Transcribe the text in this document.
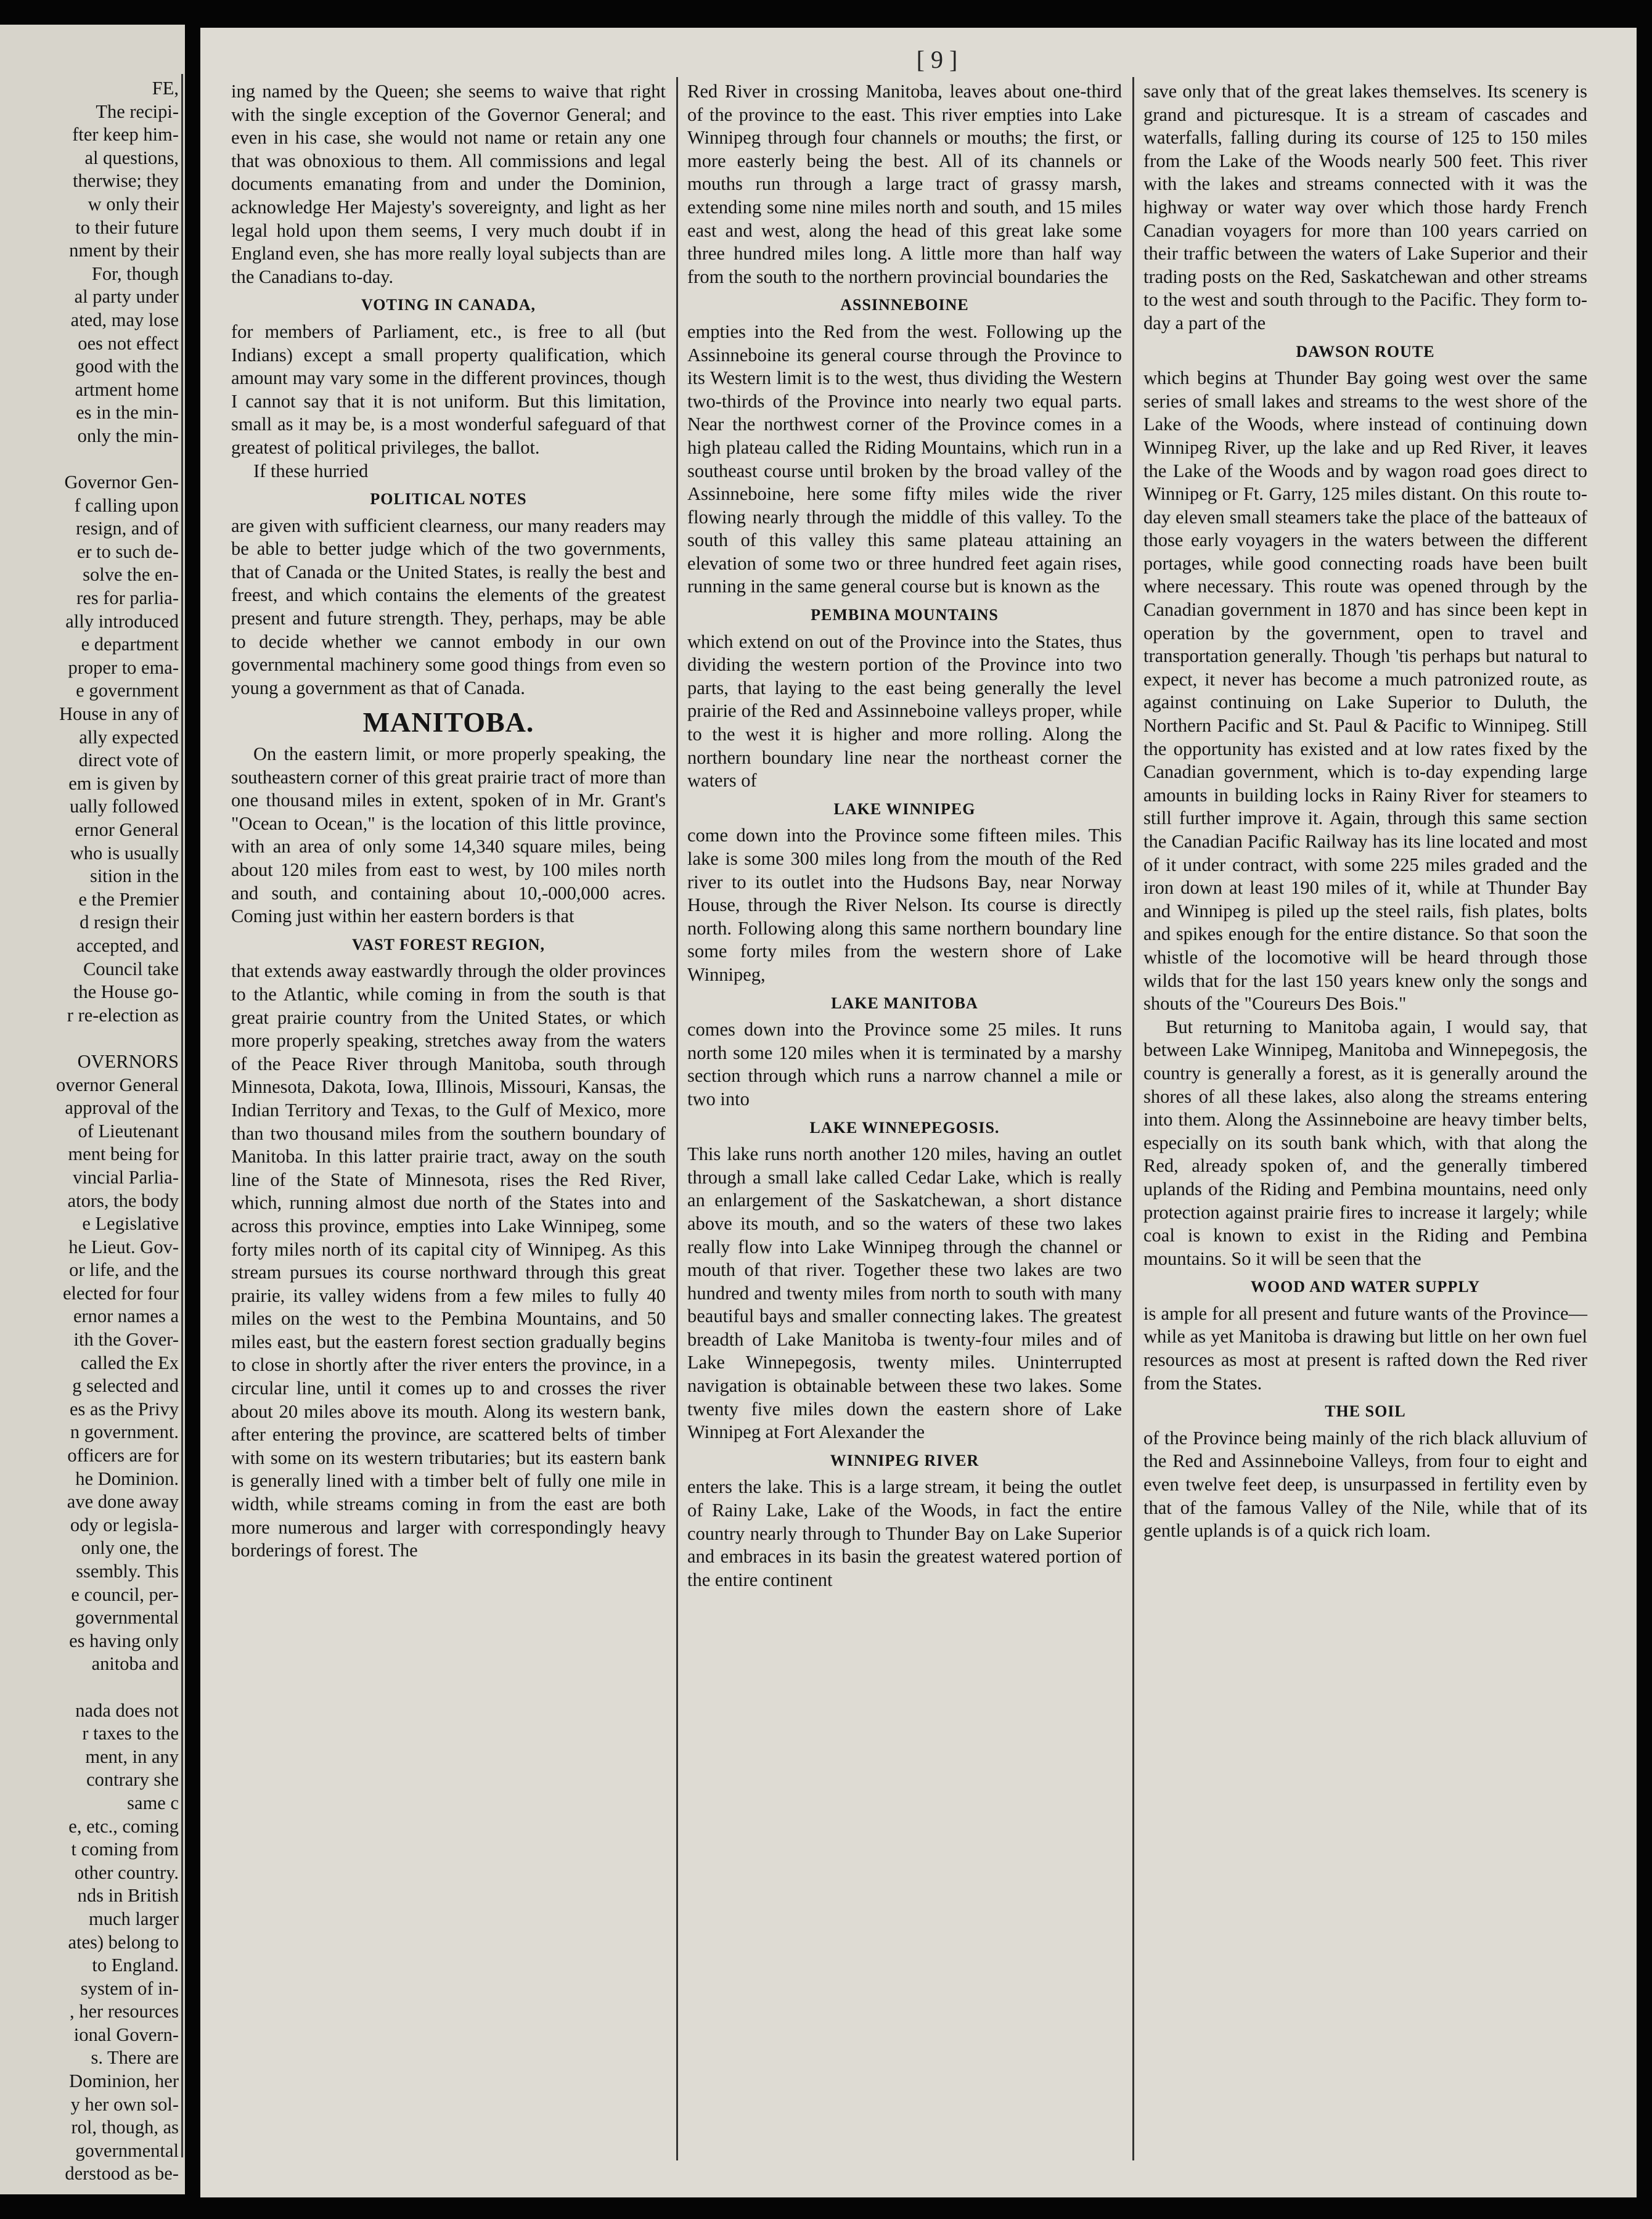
FE,
The recipi-
fter keep him-
al questions,
therwise; they
w only their
to their future
nment by their
For, though
al party under
ated, may lose
oes not effect
good with the
artment home
es in the min-
only the min-

Governor Gen-
f calling upon
resign, and of
er to such de-
solve the en-
res for parlia-
ally introduced
e department
proper to ema-
e government
House in any of
ally expected
direct vote of
em is given by
ually followed
ernor General
who is usually
sition in the
e the Premier
d resign their
accepted, and
Council take
the House go-
r re-election as

OVERNORS
overnor General
approval of the
of Lieutenant
ment being for
vincial Parlia-
ators, the body
e Legislative
he Lieut. Gov-
or life, and the
elected for four
ernor names a
ith the Gover-
called the Ex
g selected and
es as the Privy
n government.
officers are for
he Dominion.
ave done away
ody or legisla-
only one, the
ssembly. This
e council, per-
governmental
es having only
anitoba and

nada does not
r taxes to the
ment, in any
contrary she
same c
e, etc., coming
t coming from
other country.
nds in British
much larger
ates) belong to
to England.
system of in-
, her resources
ional Govern-
s. There are
Dominion, her
y her own sol-
rol, though, as
governmental
derstood as be-
[ 9 ]

ing named by the Queen; she seems to waive that right with the single exception of the Governor General; and even in his case, she would not name or retain any one that was obnoxious to them. All commissions and legal documents emanating from and under the Dominion, acknowledge Her Majesty's sovereignty, and light as her legal hold upon them seems, I very much doubt if in England even, she has more really loyal subjects than are the Canadians to-day.

VOTING IN CANADA,

for members of Parliament, etc., is free to all (but Indians) except a small property qualification, which amount may vary some in the different provinces, though I cannot say that it is not uniform. But this limitation, small as it may be, is a most wonderful safeguard of that greatest of political privileges, the ballot.

If these hurried

POLITICAL NOTES

are given with sufficient clearness, our many readers may be able to better judge which of the two governments, that of Canada or the United States, is really the best and freest, and which contains the elements of the greatest present and future strength. They, perhaps, may be able to decide whether we cannot embody in our own governmental machinery some good things from even so young a government as that of Canada.

MANITOBA.

On the eastern limit, or more properly speaking, the southeastern corner of this great prairie tract of more than one thousand miles in extent, spoken of in Mr. Grant's "Ocean to Ocean," is the location of this little province, with an area of only some 14,340 square miles, being about 120 miles from east to west, by 100 miles north and south, and containing about 10,-000,000 acres. Coming just within her eastern borders is that

VAST FOREST REGION,

that extends away eastwardly through the older provinces to the Atlantic, while coming in from the south is that great prairie country from the United States, or which more properly speaking, stretches away from the waters of the Peace River through Manitoba, south through Minnesota, Dakota, Iowa, Illinois, Missouri, Kansas, the Indian Territory and Texas, to the Gulf of Mexico, more than two thousand miles from the southern boundary of Manitoba. In this latter prairie tract, away on the south line of the State of Minnesota, rises the Red River, which, running almost due north of the States into and across this province, empties into Lake Winnipeg, some forty miles north of its capital city of Winnipeg. As this stream pursues its course northward through this great prairie, its valley widens from a few miles to fully 40 miles on the west to the Pembina Mountains, and 50 miles east, but the eastern forest section gradually begins to close in shortly after the river enters the province, in a circular line, until it comes up to and crosses the river about 20 miles above its mouth. Along its western bank, after entering the province, are scattered belts of timber with some on its western tributaries; but its eastern bank is generally lined with a timber belt of fully one mile in width, while streams coming in from the east are both more numerous and larger with correspondingly heavy borderings of forest. The

Red River in crossing Manitoba, leaves about one-third of the province to the east. This river empties into Lake Winnipeg through four channels or mouths; the first, or more easterly being the best. All of its channels or mouths run through a large tract of grassy marsh, extending some nine miles north and south, and 15 miles east and west, along the head of this great lake some three hundred miles long. A little more than half way from the south to the northern provincial boundaries the

ASSINNEBOINE

empties into the Red from the west. Following up the Assinneboine its general course through the Province to its Western limit is to the west, thus dividing the Western two-thirds of the Province into nearly two equal parts. Near the northwest corner of the Province comes in a high plateau called the Riding Mountains, which run in a southeast course until broken by the broad valley of the Assinneboine, here some fifty miles wide the river flowing nearly through the middle of this valley. To the south of this valley this same plateau attaining an elevation of some two or three hundred feet again rises, running in the same general course but is known as the

PEMBINA MOUNTAINS

which extend on out of the Province into the States, thus dividing the western portion of the Province into two parts, that laying to the east being generally the level prairie of the Red and Assinneboine valleys proper, while to the west it is higher and more rolling. Along the northern boundary line near the northeast corner the waters of

LAKE WINNIPEG

come down into the Province some fifteen miles. This lake is some 300 miles long from the mouth of the Red river to its outlet into the Hudsons Bay, near Norway House, through the River Nelson. Its course is directly north. Following along this same northern boundary line some forty miles from the western shore of Lake Winnipeg,

LAKE MANITOBA

comes down into the Province some 25 miles. It runs north some 120 miles when it is terminated by a marshy section through which runs a narrow channel a mile or two into

LAKE WINNEPEGOSIS.

This lake runs north another 120 miles, having an outlet through a small lake called Cedar Lake, which is really an enlargement of the Saskatchewan, a short distance above its mouth, and so the waters of these two lakes really flow into Lake Winnipeg through the channel or mouth of that river. Together these two lakes are two hundred and twenty miles from north to south with many beautiful bays and smaller connecting lakes. The greatest breadth of Lake Manitoba is twenty-four miles and of Lake Winnepegosis, twenty miles. Uninterrupted navigation is obtainable between these two lakes. Some twenty five miles down the eastern shore of Lake Winnipeg at Fort Alexander the

WINNIPEG RIVER

enters the lake. This is a large stream, it being the outlet of Rainy Lake, Lake of the Woods, in fact the entire country nearly through to Thunder Bay on Lake Superior and embraces in its basin the greatest watered portion of the entire continent

save only that of the great lakes themselves. Its scenery is grand and picturesque. It is a stream of cascades and waterfalls, falling during its course of 125 to 150 miles from the Lake of the Woods nearly 500 feet. This river with the lakes and streams connected with it was the highway or water way over which those hardy French Canadian voyagers for more than 100 years carried on their traffic between the waters of Lake Superior and their trading posts on the Red, Saskatchewan and other streams to the west and south through to the Pacific. They form to-day a part of the

DAWSON ROUTE

which begins at Thunder Bay going west over the same series of small lakes and streams to the west shore of the Lake of the Woods, where instead of continuing down Winnipeg River, up the lake and up Red River, it leaves the Lake of the Woods and by wagon road goes direct to Winnipeg or Ft. Garry, 125 miles distant. On this route to-day eleven small steamers take the place of the batteaux of those early voyagers in the waters between the different portages, while good connecting roads have been built where necessary. This route was opened through by the Canadian government in 1870 and has since been kept in operation by the government, open to travel and transportation generally. Though 'tis perhaps but natural to expect, it never has become a much patronized route, as against continuing on Lake Superior to Duluth, the Northern Pacific and St. Paul & Pacific to Winnipeg. Still the opportunity has existed and at low rates fixed by the Canadian government, which is to-day expending large amounts in building locks in Rainy River for steamers to still further improve it. Again, through this same section the Canadian Pacific Railway has its line located and most of it under contract, with some 225 miles graded and the iron down at least 190 miles of it, while at Thunder Bay and Winnipeg is piled up the steel rails, fish plates, bolts and spikes enough for the entire distance. So that soon the whistle of the locomotive will be heard through those wilds that for the last 150 years knew only the songs and shouts of the "Coureurs Des Bois."

But returning to Manitoba again, I would say, that between Lake Winnipeg, Manitoba and Winnepegosis, the country is generally a forest, as it is generally around the shores of all these lakes, also along the streams entering into them. Along the Assinneboine are heavy timber belts, especially on its south bank which, with that along the Red, already spoken of, and the generally timbered uplands of the Riding and Pembina mountains, need only protection against prairie fires to increase it largely; while coal is known to exist in the Riding and Pembina mountains. So it will be seen that the

WOOD AND WATER SUPPLY

is ample for all present and future wants of the Province—while as yet Manitoba is drawing but little on her own fuel resources as most at present is rafted down the Red river from the States.

THE SOIL

of the Province being mainly of the rich black alluvium of the Red and Assinneboine Valleys, from four to eight and even twelve feet deep, is unsurpassed in fertility even by that of the famous Valley of the Nile, while that of its gentle uplands is of a quick rich loam.
